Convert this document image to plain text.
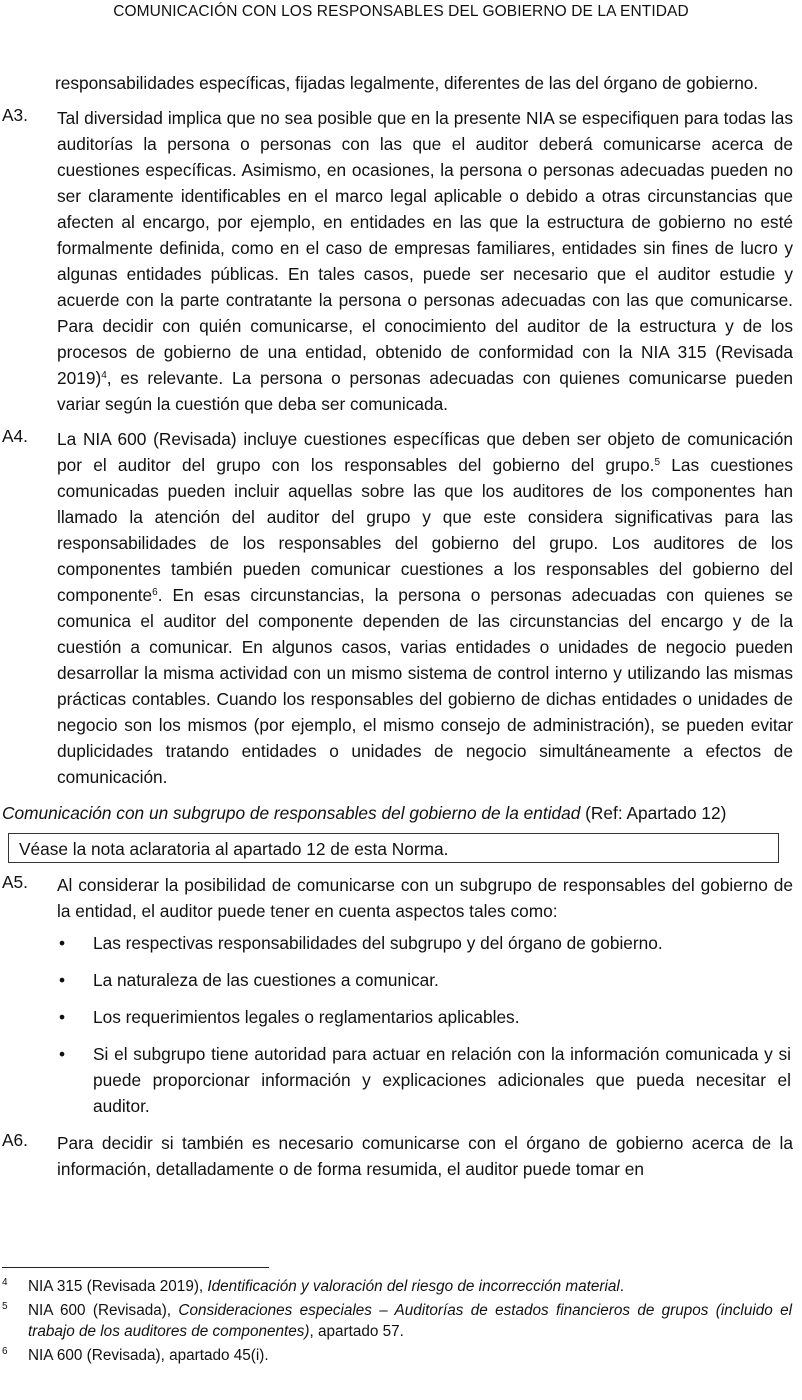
COMUNICACIÓN CON LOS RESPONSABLES DEL GOBIERNO DE LA ENTIDAD

responsabilidades específicas, fijadas legalmente, diferentes de las del órgano de gobierno.

A3.	Tal diversidad implica que no sea posible que en la presente NIA se especifiquen para todas las auditorías la persona o personas con las que el auditor deberá comunicarse acerca de cuestiones específicas. Asimismo, en ocasiones, la persona o personas adecuadas pueden no ser claramente identificables en el marco legal aplicable o debido a otras circunstancias que afecten al encargo, por ejemplo, en entidades en las que la estructura de gobierno no esté formalmente definida, como en el caso de empresas familiares, entidades sin fines de lucro y algunas entidades públicas. En tales casos, puede ser necesario que el auditor estudie y acuerde con la parte contratante la persona o personas adecuadas con las que comunicarse. Para decidir con quién comunicarse, el conocimiento del auditor de la estructura y de los procesos de gobierno de una entidad, obtenido de conformidad con la NIA 315 (Revisada 2019)$^4$, es relevante. La persona o personas adecuadas con quienes comunicarse pueden variar según la cuestión que deba ser comunicada.

A4.	La NIA 600 (Revisada) incluye cuestiones específicas que deben ser objeto de comunicación por el auditor del grupo con los responsables del gobierno del grupo.$^5$ Las cuestiones comunicadas pueden incluir aquellas sobre las que los auditores de los componentes han llamado la atención del auditor del grupo y que este considera significativas para las responsabilidades de los responsables del gobierno del grupo. Los auditores de los componentes también pueden comunicar cuestiones a los responsables del gobierno del componente$^6$. En esas circunstancias, la persona o personas adecuadas con quienes se comunica el auditor del componente dependen de las circunstancias del encargo y de la cuestión a comunicar. En algunos casos, varias entidades o unidades de negocio pueden desarrollar la misma actividad con un mismo sistema de control interno y utilizando las mismas prácticas contables. Cuando los responsables del gobierno de dichas entidades o unidades de negocio son los mismos (por ejemplo, el mismo consejo de administración), se pueden evitar duplicidades tratando entidades o unidades de negocio simultáneamente a efectos de comunicación.

Comunicación con un subgrupo de responsables del gobierno de la entidad (Ref: Apartado 12)

Véase la nota aclaratoria al apartado 12 de esta Norma.
A5.	Al considerar la posibilidad de comunicarse con un subgrupo de responsables del gobierno de la entidad, el auditor puede tener en cuenta aspectos tales como:

•	Las respectivas responsabilidades del subgrupo y del órgano de gobierno.
•	La naturaleza de las cuestiones a comunicar.
•	Los requerimientos legales o reglamentarios aplicables.
•	Si el subgrupo tiene autoridad para actuar en relación con la información comunicada y si puede proporcionar información y explicaciones adicionales que pueda necesitar el auditor.
A6.	Para decidir si también es necesario comunicarse con el órgano de gobierno acerca de la información, detalladamente o de forma resumida, el auditor puede tomar en

4	NIA 315 (Revisada 2019), Identificación y valoración del riesgo de incorrección material.
5	NIA 600 (Revisada), Consideraciones especiales – Auditorías de estados financieros de grupos (incluido el trabajo de los auditores de componentes), apartado 57.
6	NIA 600 (Revisada), apartado 45(i).
